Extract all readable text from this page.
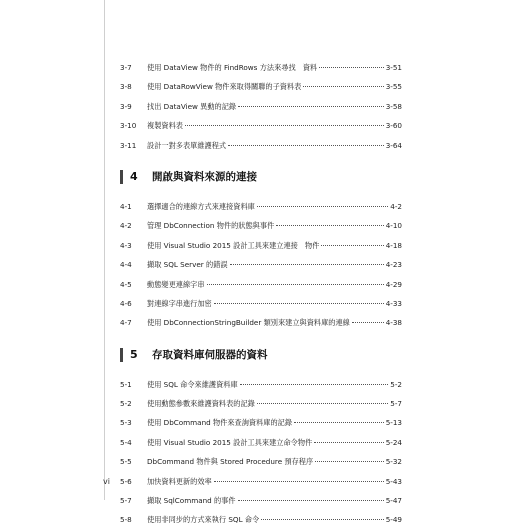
3-7	使用 DataView 物件的 FindRows 方法來尋找　資料	3-51
3-8	使用 DataRowView 物件來取得關聯的子資料表	3-55
3-9	找出 DataView 異動的記錄	3-58
3-10	複製資料表	3-60
3-11	設計一對多表單維護程式	3-64
4	開啟與資料來源的連接
4-1	選擇適合的連線方式來連接資料庫	4-2
4-2	管理 DbConnection 物件的狀態與事件	4-10
4-3	使用 Visual Studio 2015 設計工具來建立連接　物件	4-18
4-4	擷取 SQL Server 的錯誤	4-23
4-5	動態變更連線字串	4-29
4-6	對連線字串進行加密	4-33
4-7	使用 DbConnectionStringBuilder 類別來建立與資料庫的連線	4-38
5	存取資料庫伺服器的資料
5-1	使用 SQL 命令來維護資料庫	5-2
5-2	使用動態參數來維護資料表的記錄	5-7
5-3	使用 DbCommand 物件來查詢資料庫的記錄	5-13
5-4	使用 Visual Studio 2015 設計工具來建立命令物件	5-24
5-5	DbCommand 物件與 Stored Procedure 預存程序	5-32
5-6	加快資料更新的效率	5-43
5-7	擷取 SqlCommand 的事件	5-47
5-8	使用非同步的方式來執行 SQL 命令	5-49
vi
